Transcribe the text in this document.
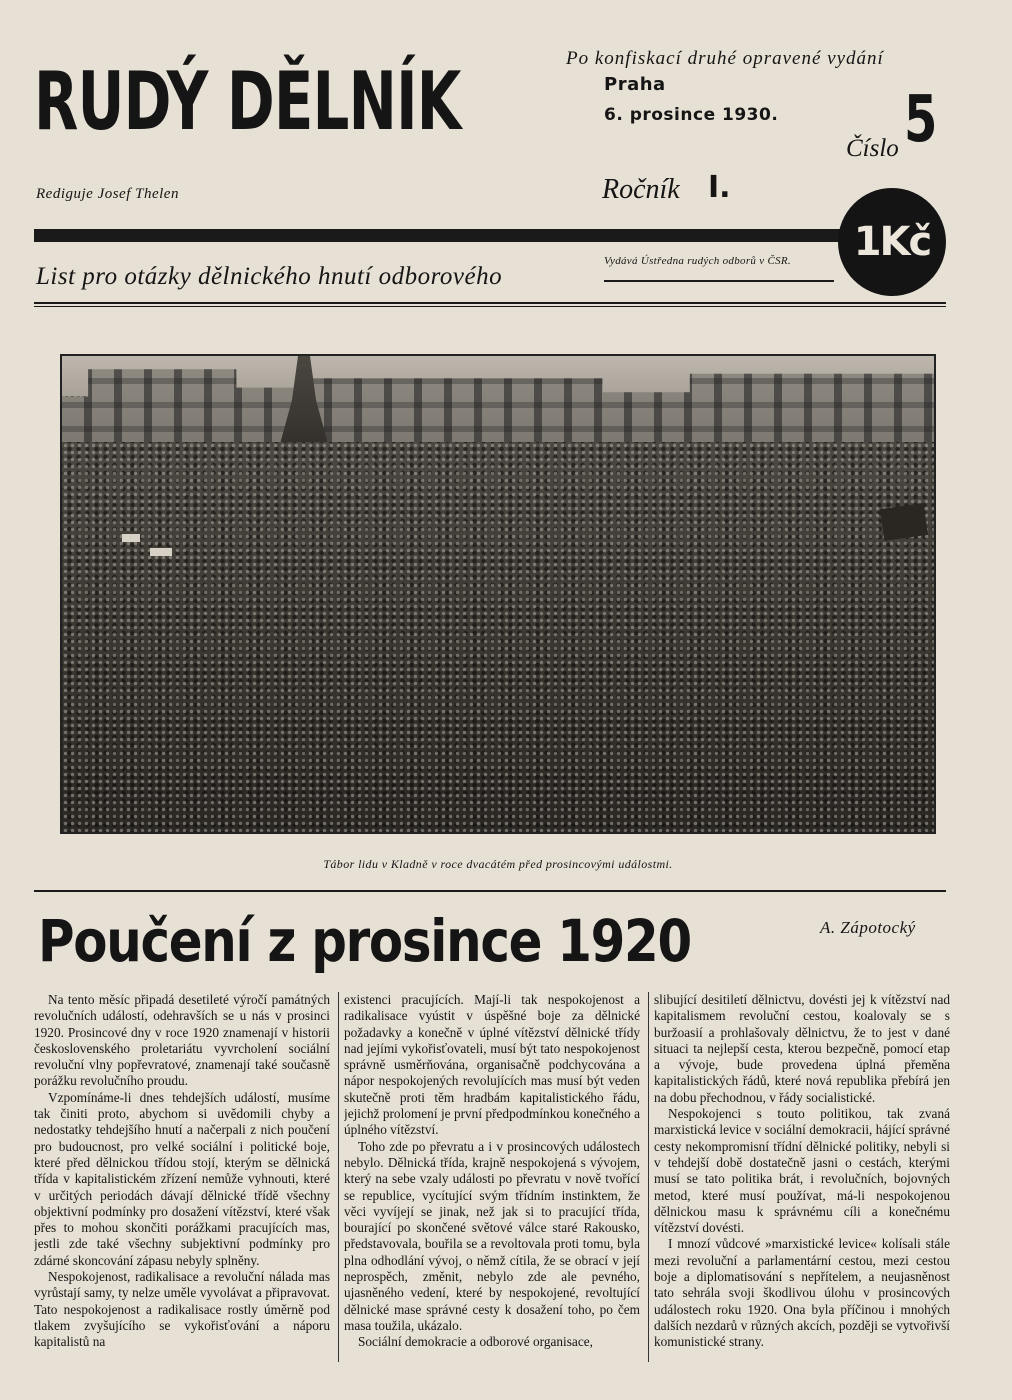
RUDÝ DĚLNÍK
Rediguje Josef Thelen
Po konfiskací druhé opravené vydání
Praha
6. prosince 1930.
Číslo 5
Ročník I.
1Kč
List pro otázky dělnického hnutí odborového
Vydává Ústředna rudých odborů v ČSR.
Tábor lidu v Kladně v roce dvacátém před prosincovými událostmi.
Poučení z prosince 1920	A. Zápotocký

Na tento měsíc připadá desetileté výročí památných revolučních událostí, odehravších se u nás v prosinci 1920. Prosincové dny v roce 1920 znamenají v historii československého proletariátu vyvrcholení sociální revoluční vlny popřevratové, znamenají také současně porážku revolučního proudu.

Vzpomínáme-li dnes tehdejších událostí, musíme tak činiti proto, abychom si uvědomili chyby a nedostatky tehdejšího hnutí a načerpali z nich poučení pro budoucnost, pro velké sociální i politické boje, které před dělnickou třídou stojí, kterým se dělnická třída v kapitalistickém zřízení nemůže vyhnouti, které v určitých periodách dávají dělnické třídě všechny objektivní podmínky pro dosažení vítězství, které však přes to mohou skončiti porážkami pracujících mas, jestli zde také všechny subjektivní podmínky pro zdárné skoncování zápasu nebyly splněny.

Nespokojenost, radikalisace a revoluční nálada mas vyrůstají samy, ty nelze uměle vyvolávat a připravovat. Tato nespokojenost a radikalisace rostly úměrně pod tlakem zvyšujícího se vykořisťování a náporu kapitalistů na

existenci pracujících. Mají-li tak nespokojenost a radikalisace vyústit v úspěšné boje za dělnické požadavky a konečně v úplné vítězství dělnické třídy nad jejími vykořisťovateli, musí být tato nespokojenost správně usměrňována, organisačně podchycována a nápor nespokojených revolujících mas musí být veden skutečně proti těm hradbám kapitalistického řádu, jejichž prolomení je první předpodmínkou konečného a úplného vítězství.

Toho zde po převratu a i v prosincových událostech nebylo. Dělnická třída, krajně nespokojená s vývojem, který na sebe vzaly události po převratu v nově tvořící se republice, vycítující svým třídním instinktem, že věci vyvíjejí se jinak, než jak si to pracující třída, bourající po skončené světové válce staré Rakousko, představovala, bouřila se a revoltovala proti tomu, byla plna odhodlání vývoj, o němž cítila, že se obrací v její neprospěch, změnit, nebylo zde ale pevného, ujasněného vedení, které by nespokojené, revoltující dělnické mase správné cesty k dosažení toho, po čem masa toužila, ukázalo.

Sociální demokracie a odborové organisace,

slibující desitiletí dělnictvu, dovésti jej k vítězství nad kapitalismem revoluční cestou, koalovaly se s buržoasií a prohlašovaly dělnictvu, že to jest v dané situaci ta nejlepší cesta, kterou bezpečně, pomocí etap a vývoje, bude provedena úplná přeměna kapitalistických řádů, které nová republika přebírá jen na dobu přechodnou, v řády socialistické.

Nespokojenci s touto politikou, tak zvaná marxistická levice v sociální demokracii, hájící správné cesty nekompromisní třídní dělnické politiky, nebyli si v tehdejší době dostatečně jasni o cestách, kterými musí se tato politika brát, i revolučních, bojovných metod, které musí používat, má-li nespokojenou dělnickou masu k správnému cíli a konečnému vítězství dovésti.

I mnozí vůdcové »marxistické levice« kolísali stále mezi revoluční a parlamentární cestou, mezi cestou boje a diplomatisování s nepřítelem, a neujasněnost tato sehrála svoji škodlivou úlohu v prosincových událostech roku 1920. Ona byla příčinou i mnohých dalších nezdarů v různých akcích, později se vytvořivší komunistické strany.
